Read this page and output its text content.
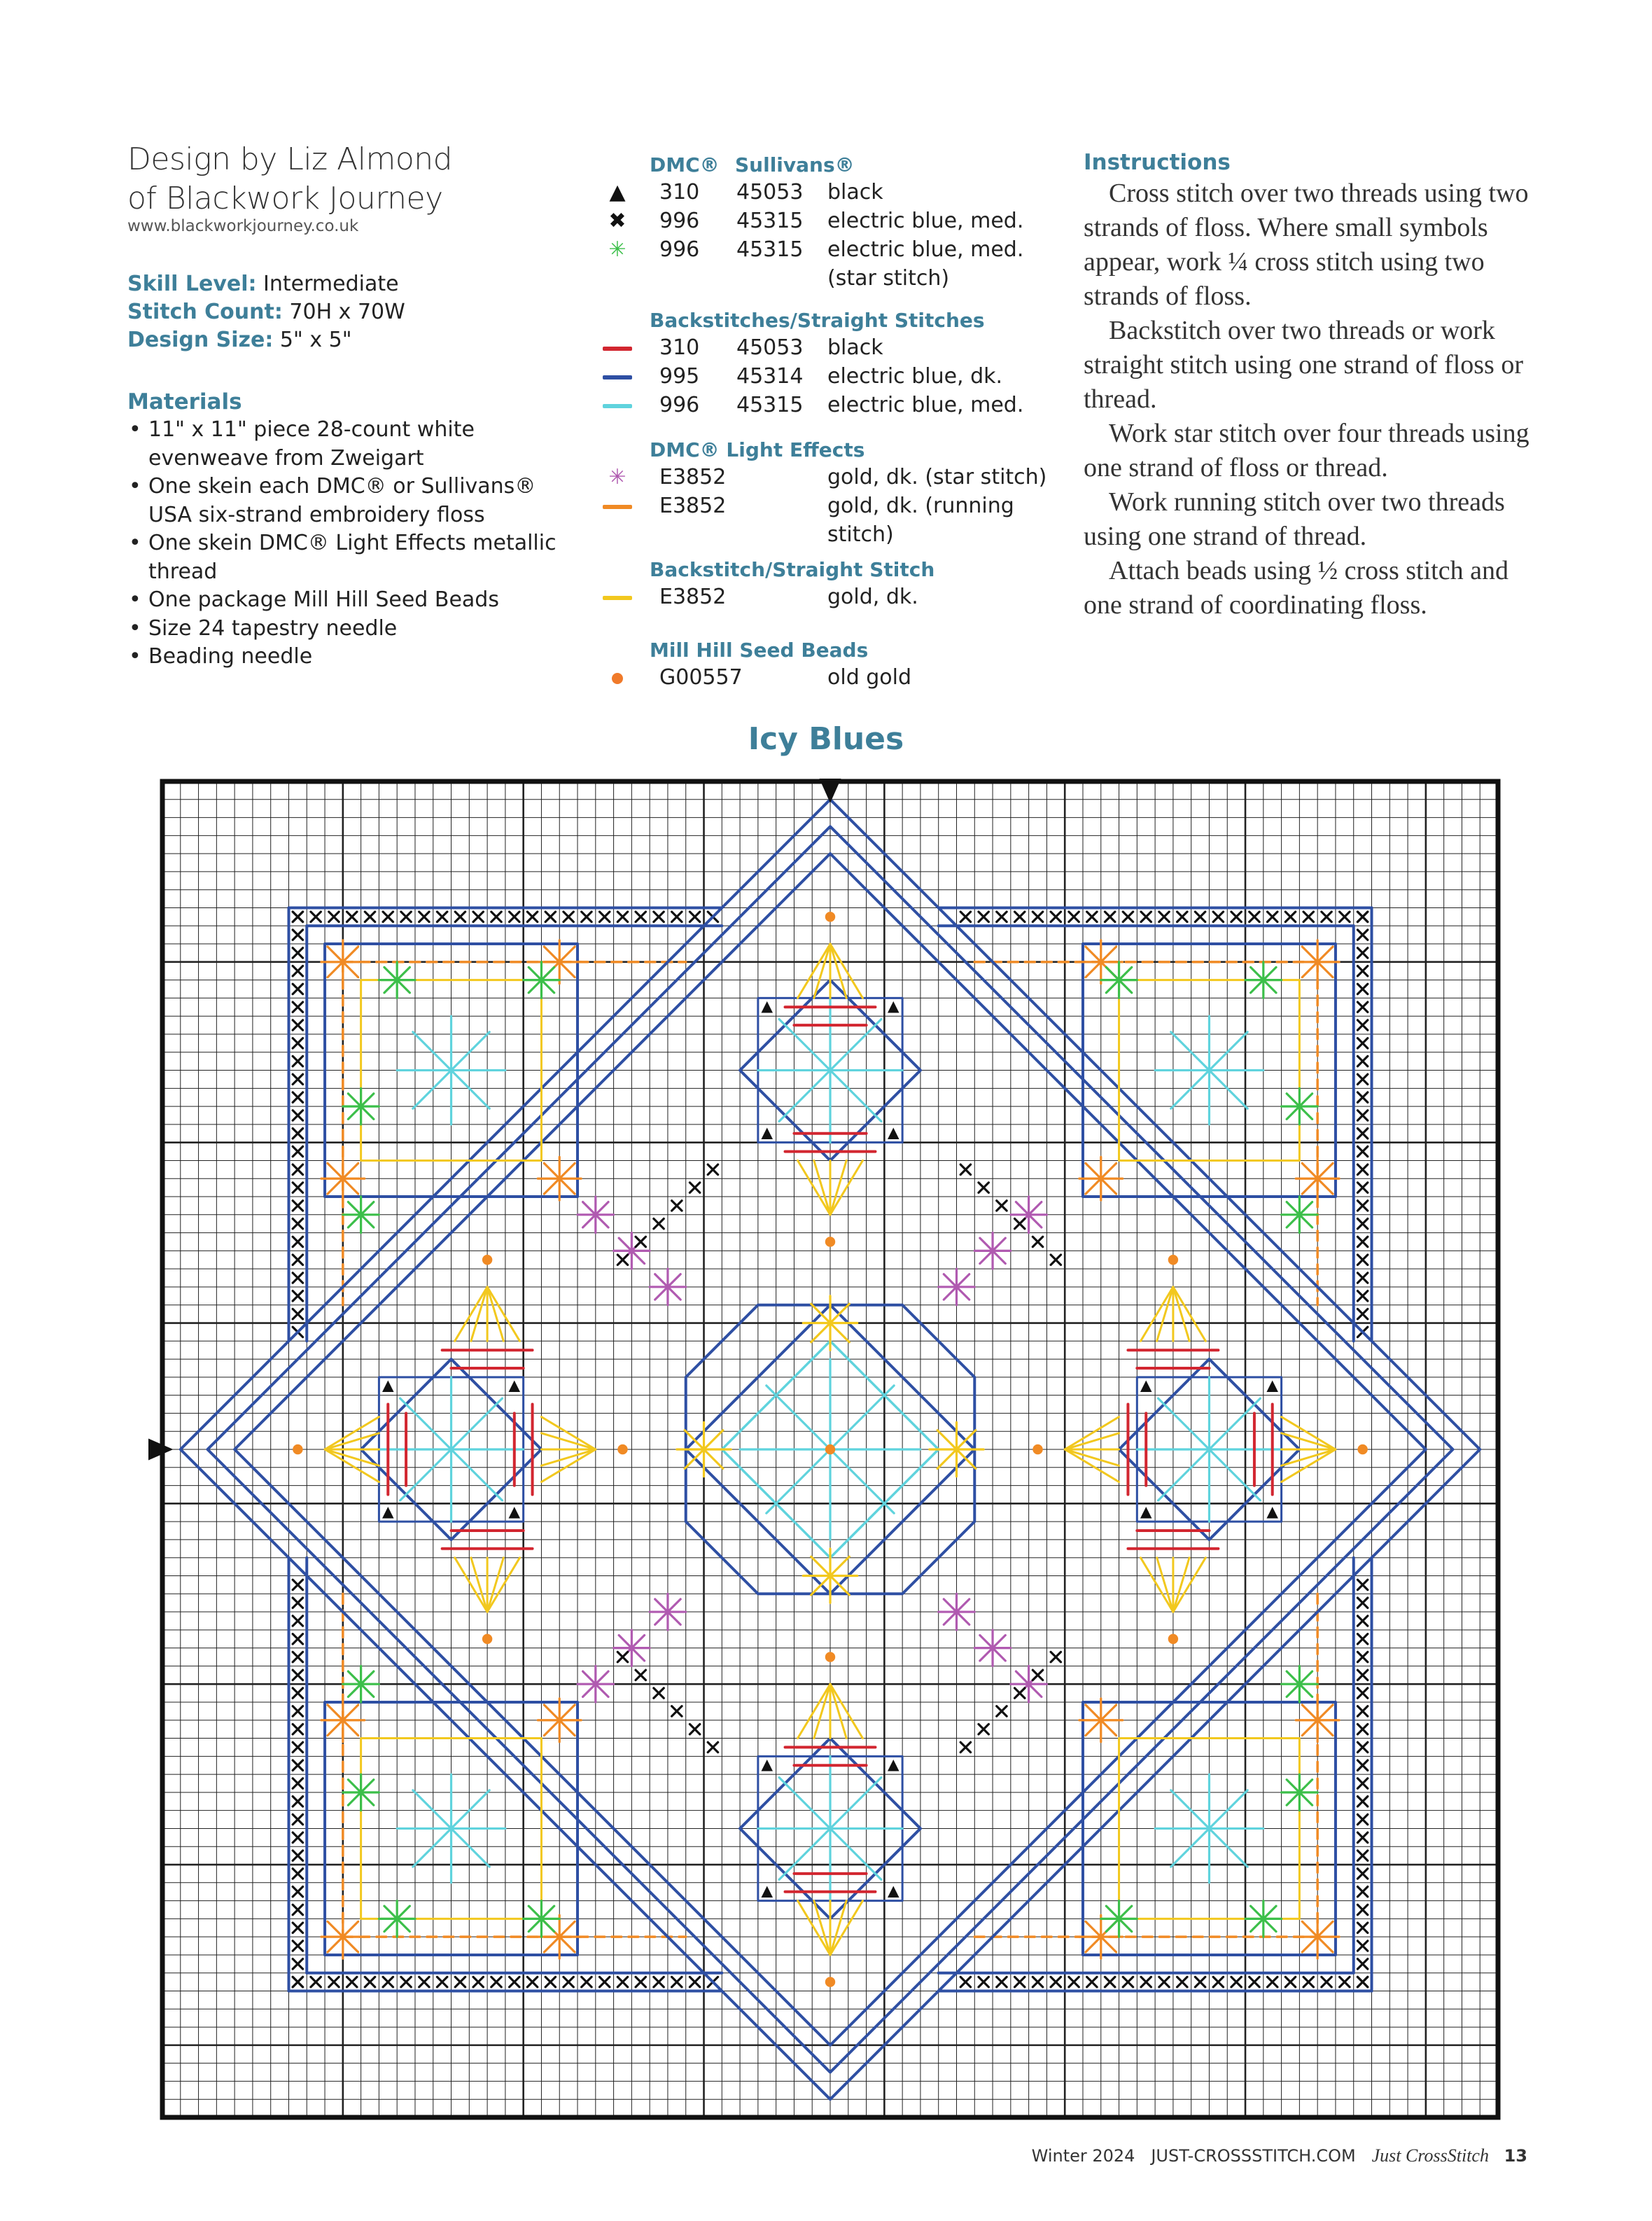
Design by Liz Almond
of Blackwork Journey
www.blackworkjourney.co.uk
Skill Level: Intermediate
Stitch Count: 70H x 70W
Design Size: 5" x 5"
Materials
• 11" x 11" piece 28-count white evenweave from Zweigart
• One skein each DMC® or Sullivans® USA six-strand embroidery floss
• One skein DMC® Light Effects metallic thread
• One package Mill Hill Seed Beads
• Size 24 tapestry needle
• Beading needle
DMC® Sullivans®
▲	310 45053 black
✖	996 45315 electric blue, med.
✳	996 45315 electric blue, med.
(star stitch)
Backstitches/Straight Stitches
310 45053 black
995 45314 electric blue, dk.
996 45315 electric blue, med.
DMC® Light Effects
✳	E3852	gold, dk. (star stitch)
E3852	gold, dk. (running
stitch)
Backstitch/Straight Stitch
E3852	gold, dk.
Mill Hill Seed Beads
G00557	old gold
Instructions

Cross stitch over two threads using two strands of floss. Where small symbols appear, work ¼ cross stitch using two strands of floss.

Backstitch over two threads or work straight stitch using one strand of floss or thread.

Work star stitch over four threads using one strand of floss or thread.

Work running stitch over two threads using one strand of thread.

Attach beads using ½ cross stitch and one strand of coordinating floss.

Icy Blues
Winter 2024 JUST-CROSSSTITCH.COM Just CrossStitch 13
